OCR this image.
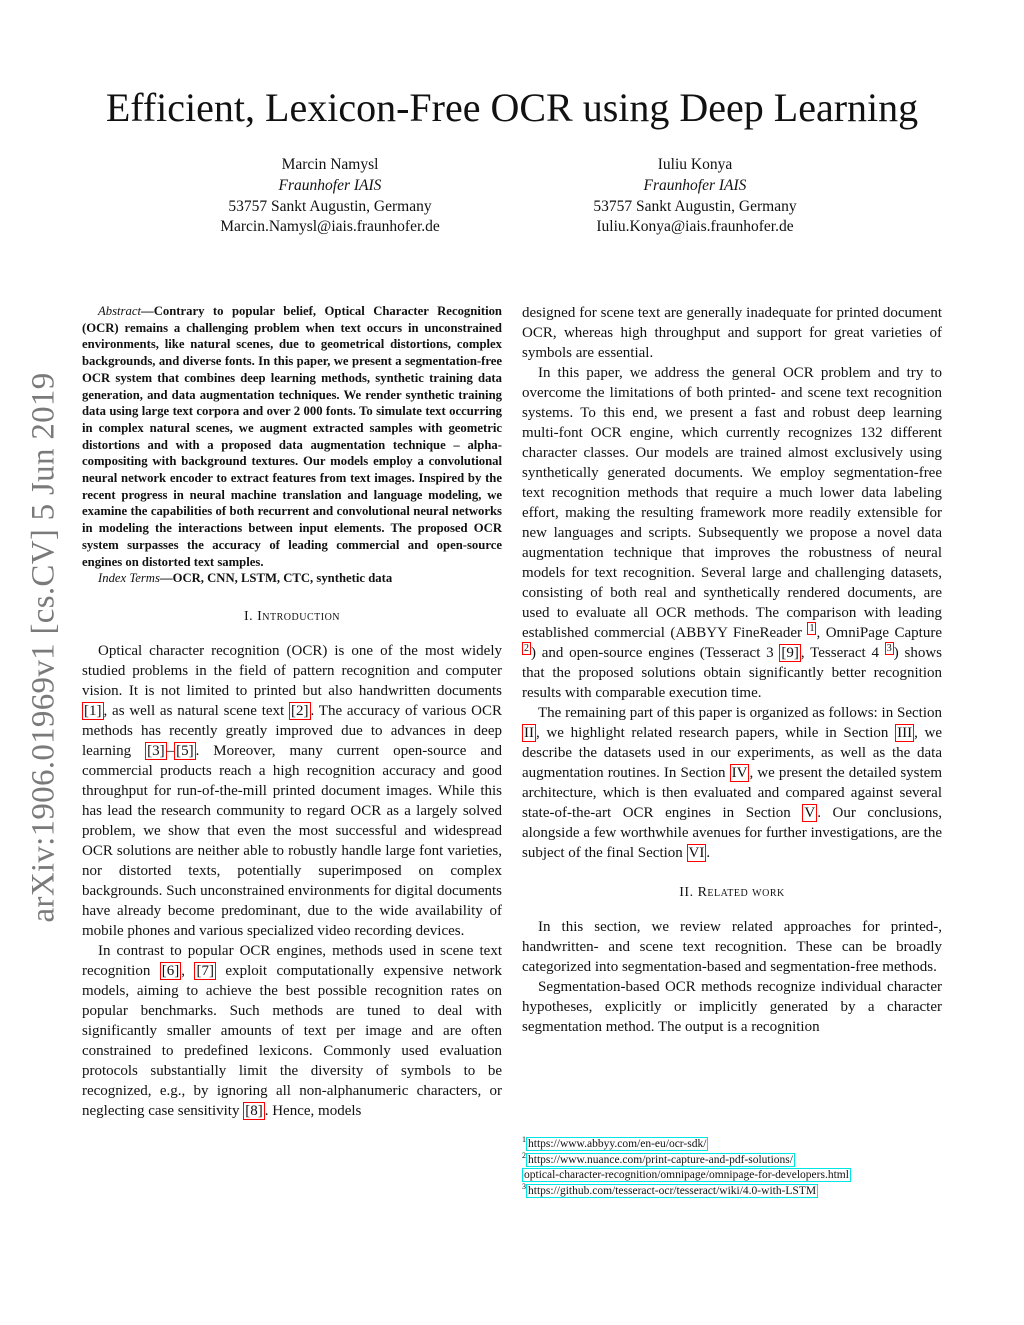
arXiv:1906.01969v1 [cs.CV] 5 Jun 2019
Efficient, Lexicon-Free OCR using Deep Learning
Marcin Namysl
Fraunhofer IAIS
53757 Sankt Augustin, Germany
Marcin.Namysl@iais.fraunhofer.de
Iuliu Konya
Fraunhofer IAIS
53757 Sankt Augustin, Germany
Iuliu.Konya@iais.fraunhofer.de

Abstract—Contrary to popular belief, Optical Character Recognition (OCR) remains a challenging problem when text occurs in unconstrained environments, like natural scenes, due to geometrical distortions, complex backgrounds, and diverse fonts. In this paper, we present a segmentation-free OCR system that combines deep learning methods, synthetic training data generation, and data augmentation techniques. We render synthetic training data using large text corpora and over 2 000 fonts. To simulate text occurring in complex natural scenes, we augment extracted samples with geometric distortions and with a proposed data augmentation technique – alpha-compositing with background textures. Our models employ a convolutional neural network encoder to extract features from text images. Inspired by the recent progress in neural machine translation and language modeling, we examine the capabilities of both recurrent and convolutional neural networks in modeling the interactions between input elements. The proposed OCR system surpasses the accuracy of leading commercial and open-source engines on distorted text samples.

Index Terms—OCR, CNN, LSTM, CTC, synthetic data

I. Introduction

Optical character recognition (OCR) is one of the most widely studied problems in the field of pattern recognition and computer vision. It is not limited to printed but also handwritten documents [1] , as well as natural scene text [2] . The accuracy of various OCR methods has recently greatly improved due to advances in deep learning [3] – [5] . Moreover, many current open-source and commercial products reach a high recognition accuracy and good throughput for run-of-the-mill printed document images. While this has lead the research community to regard OCR as a largely solved problem, we show that even the most successful and widespread OCR solutions are neither able to robustly handle large font varieties, nor distorted texts, potentially superimposed on complex backgrounds. Such unconstrained environments for digital documents have already become predominant, due to the wide availability of mobile phones and various specialized video recording devices.

In contrast to popular OCR engines, methods used in scene text recognition [6] , [7] exploit computationally expensive network models, aiming to achieve the best possible recognition rates on popular benchmarks. Such methods are tuned to deal with significantly smaller amounts of text per image and are often constrained to predefined lexicons. Commonly used evaluation protocols substantially limit the diversity of symbols to be recognized, e.g., by ignoring all non-alphanumeric characters, or neglecting case sensitivity [8] . Hence, models

designed for scene text are generally inadequate for printed document OCR, whereas high throughput and support for great varieties of symbols are essential.

In this paper, we address the general OCR problem and try to overcome the limitations of both printed- and scene text recognition systems. To this end, we present a fast and robust deep learning multi-font OCR engine, which currently recognizes 132 different character classes. Our models are trained almost exclusively using synthetically generated documents. We employ segmentation-free text recognition methods that require a much lower data labeling effort, making the resulting framework more readily extensible for new languages and scripts. Subsequently we propose a novel data augmentation technique that improves the robustness of neural models for text recognition. Several large and challenging datasets, consisting of both real and synthetically rendered documents, are used to evaluate all OCR methods. The comparison with leading established commercial (ABBYY FineReader $^1$ , OmniPage Capture $^2$ ) and open-source engines (Tesseract 3 [9] , Tesseract 4 $^3$ ) shows that the proposed solutions obtain significantly better recognition results with comparable execution time.

The remaining part of this paper is organized as follows: in Section II , we highlight related research papers, while in Section III , we describe the datasets used in our experiments, as well as the data augmentation routines. In Section IV , we present the detailed system architecture, which is then evaluated and compared against several state-of-the-art OCR engines in Section V . Our conclusions, alongside a few worthwhile avenues for further investigations, are the subject of the final Section VI .

II. Related work

In this section, we review related approaches for printed-, handwritten- and scene text recognition. These can be broadly categorized into segmentation-based and segmentation-free methods.

Segmentation-based OCR methods recognize individual character hypotheses, explicitly or implicitly generated by a character segmentation method. The output is a recognition

$^1$ https://www.abbyy.com/en-eu/ocr-sdk/
$^2$ https://www.nuance.com/print-capture-and-pdf-solutions/
optical-character-recognition/omnipage/omnipage-for-developers.html
$^3$ https://github.com/tesseract-ocr/tesseract/wiki/4.0-with-LSTM
